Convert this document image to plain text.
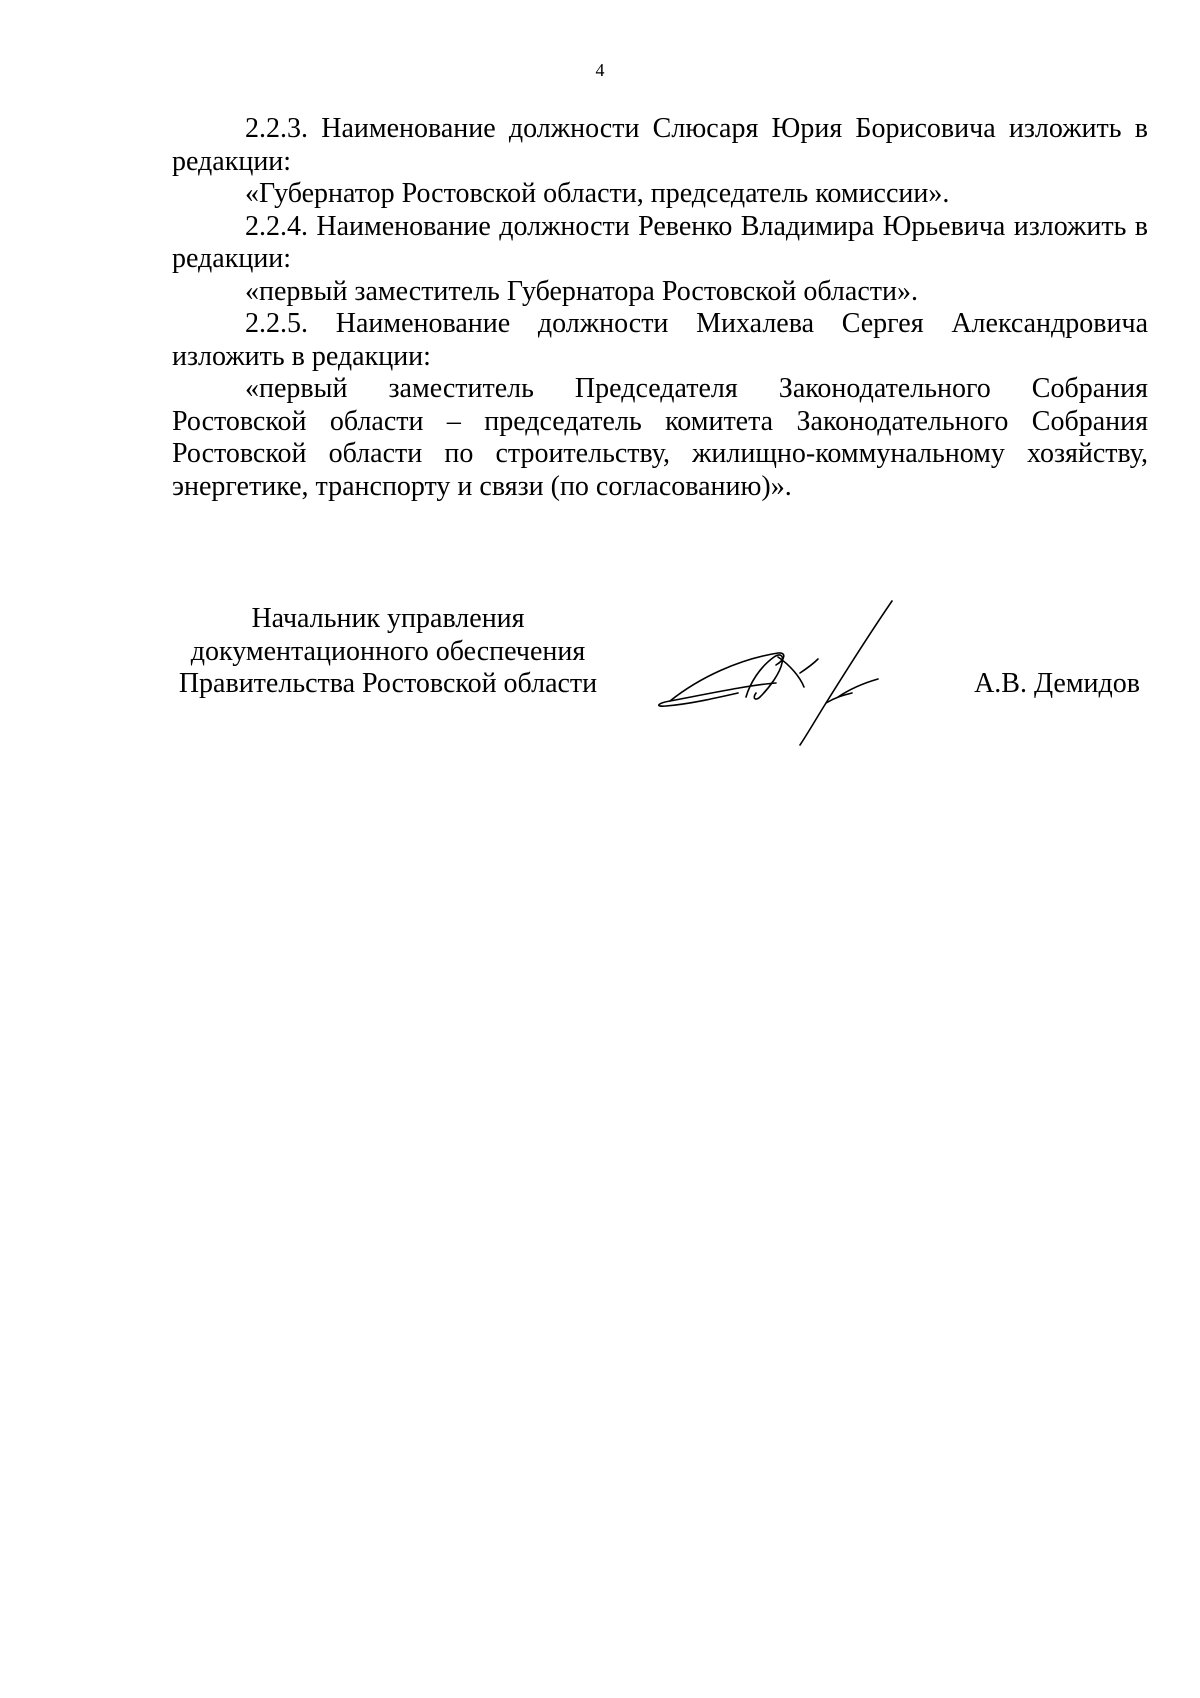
4

2.2.3. Наименование должности Слюсаря Юрия Борисовича изложить в редакции:

«Губернатор Ростовской области, председатель комиссии».

2.2.4. Наименование должности Ревенко Владимира Юрьевича изложить в редакции:

«первый заместитель Губернатора Ростовской области».

2.2.5. Наименование должности Михалева Сергея Александровича изложить в редакции:

«первый заместитель Председателя Законодательного Собрания Ростовской области – председатель комитета Законодательного Собрания Ростовской области по строительству, жилищно-коммунальному хозяйству, энергетике, транспорту и связи (по согласованию)».

Начальник управления
документационного обеспечения
Правительства Ростовской области	А.В. Демидов
